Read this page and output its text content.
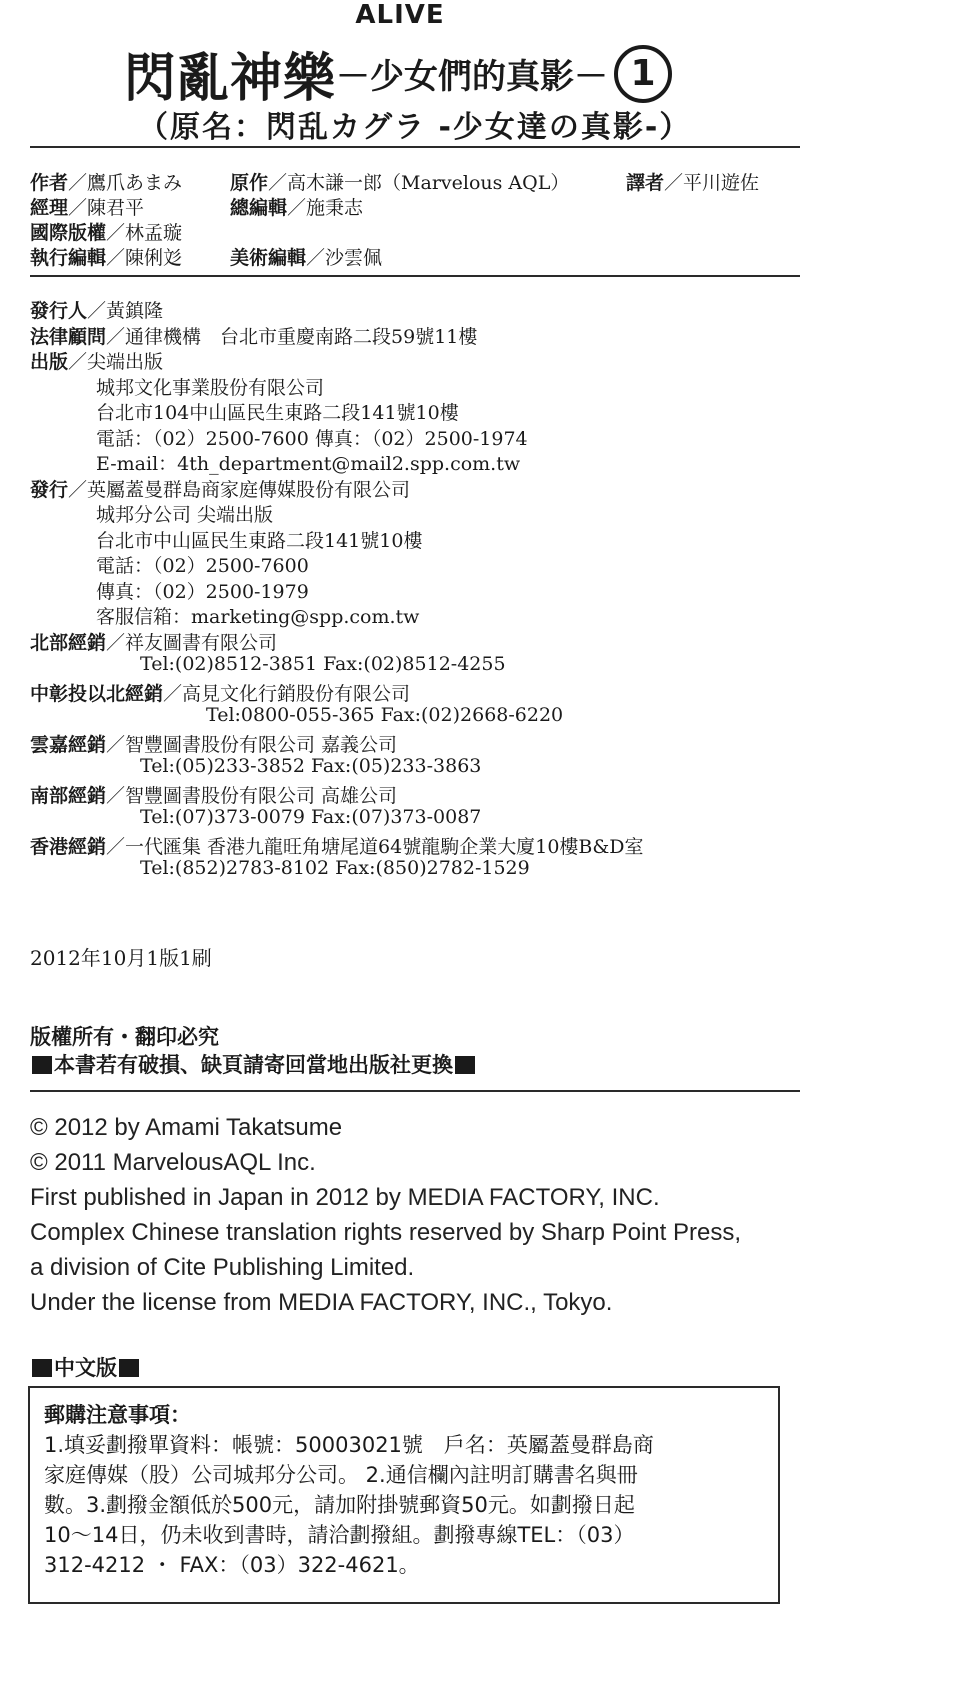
ALIVE
閃亂神樂－少女們的真影－ 1
（原名：閃乱カグラ -少女達の真影-）
作者／鷹爪あまみ	原作／高木謙一郎（Marvelous AQL）	譯者／平川遊佐
經理／陳君平	總編輯／施秉志
國際版權／林孟璇
執行編輯／陳俐彣	美術編輯／沙雲佩
發行人／黃鎮隆
法律顧問／通律機構　台北市重慶南路二段59號11樓
出版／尖端出版
城邦文化事業股份有限公司
台北市104中山區民生東路二段141號10樓
電話：（02）2500-7600 傳真：（02）2500-1974
E-mail：4th_department@mail2.spp.com.tw
發行／英屬蓋曼群島商家庭傳媒股份有限公司
城邦分公司 尖端出版
台北市中山區民生東路二段141號10樓
電話：（02）2500-7600
傳真：（02）2500-1979
客服信箱：marketing@spp.com.tw
北部經銷／祥友圖書有限公司
Tel:(02)8512-3851 Fax:(02)8512-4255
中彰投以北經銷／高見文化行銷股份有限公司
Tel:0800-055-365 Fax:(02)2668-6220
雲嘉經銷／智豐圖書股份有限公司 嘉義公司
Tel:(05)233-3852 Fax:(05)233-3863
南部經銷／智豐圖書股份有限公司 高雄公司
Tel:(07)373-0079 Fax:(07)373-0087
香港經銷／一代匯集 香港九龍旺角塘尾道64號龍駒企業大廈10樓B&D室
Tel:(852)2783-8102 Fax:(850)2782-1529
2012年10月1版1刷
版權所有・翻印必究
本書若有破損、缺頁請寄回當地出版社更換
© 2012 by Amami Takatsume
© 2011 MarvelousAQL Inc.
First published in Japan in 2012 by MEDIA FACTORY, INC.
Complex Chinese translation rights reserved by Sharp Point Press,
a division of Cite Publishing Limited.
Under the license from MEDIA FACTORY, INC., Tokyo.
中文版
郵購注意事項：
1.填妥劃撥單資料：帳號：50003021號　戶名：英屬蓋曼群島商
家庭傳媒（股）公司城邦分公司。 2.通信欄內註明訂購書名與冊
數。3.劃撥金額低於500元，請加附掛號郵資50元。如劃撥日起
10～14日，仍未收到書時，請洽劃撥組。劃撥專線TEL：（03）
312-4212 ・ FAX：（03）322-4621。
